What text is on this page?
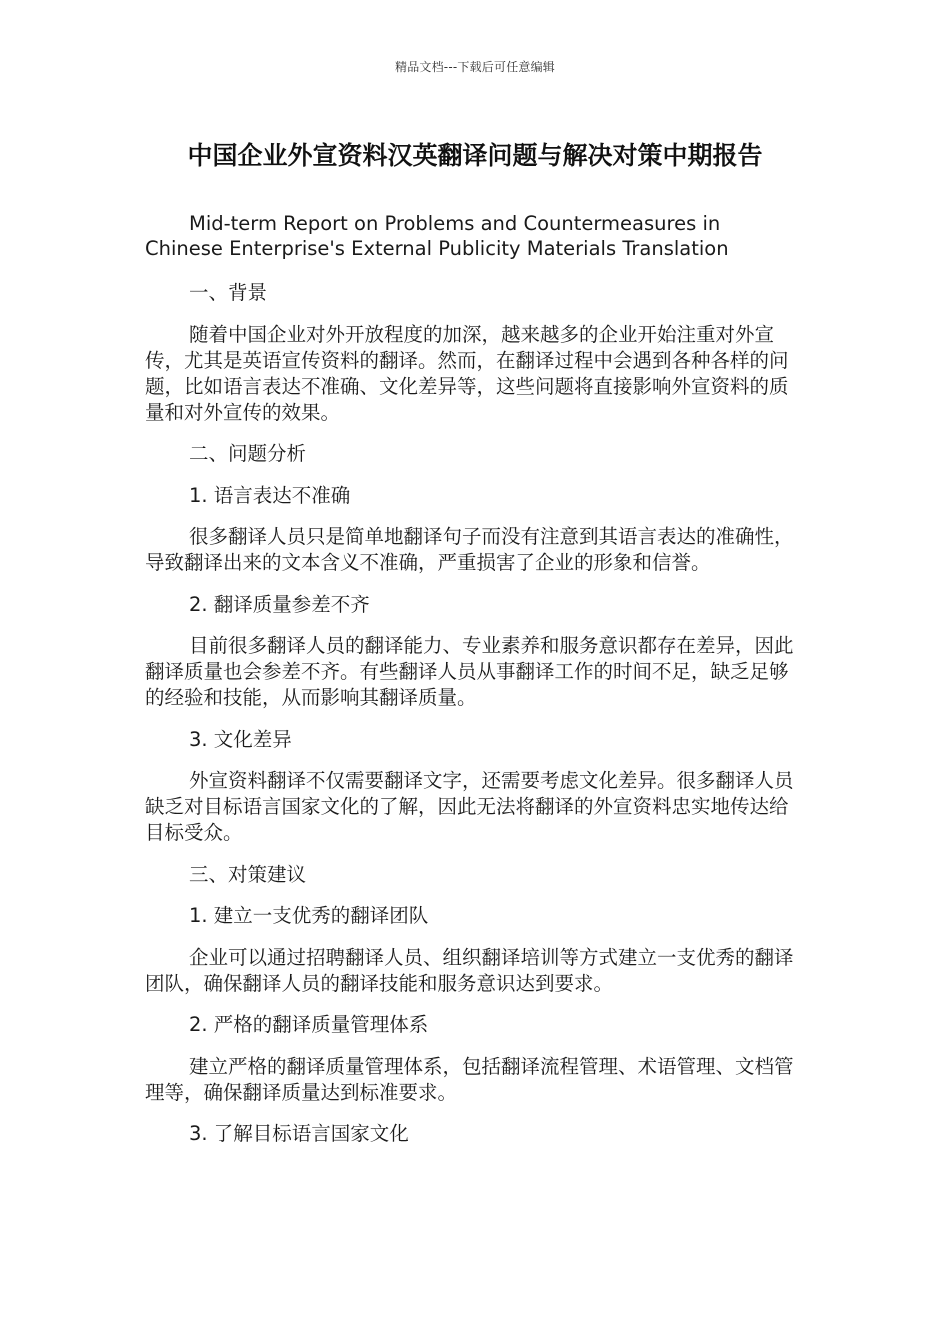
精品文档---下载后可任意编辑
中国企业外宣资料汉英翻译问题与解决对策中期报告

Mid-term Report on Problems and Countermeasures in Chinese Enterprise's External Publicity Materials Translation

一、背景

随着中国企业对外开放程度的加深，越来越多的企业开始注重对外宣传，尤其是英语宣传资料的翻译。然而，在翻译过程中会遇到各种各样的问题，比如语言表达不准确、文化差异等，这些问题将直接影响外宣资料的质量和对外宣传的效果。

二、问题分析

1. 语言表达不准确

很多翻译人员只是简单地翻译句子而没有注意到其语言表达的准确性，导致翻译出来的文本含义不准确，严重损害了企业的形象和信誉。

2. 翻译质量参差不齐

目前很多翻译人员的翻译能力、专业素养和服务意识都存在差异，因此翻译质量也会参差不齐。有些翻译人员从事翻译工作的时间不足，缺乏足够的经验和技能，从而影响其翻译质量。

3. 文化差异

外宣资料翻译不仅需要翻译文字，还需要考虑文化差异。很多翻译人员缺乏对目标语言国家文化的了解，因此无法将翻译的外宣资料忠实地传达给目标受众。

三、对策建议

1. 建立一支优秀的翻译团队

企业可以通过招聘翻译人员、组织翻译培训等方式建立一支优秀的翻译团队，确保翻译人员的翻译技能和服务意识达到要求。

2. 严格的翻译质量管理体系

建立严格的翻译质量管理体系，包括翻译流程管理、术语管理、文档管理等，确保翻译质量达到标准要求。

3. 了解目标语言国家文化
